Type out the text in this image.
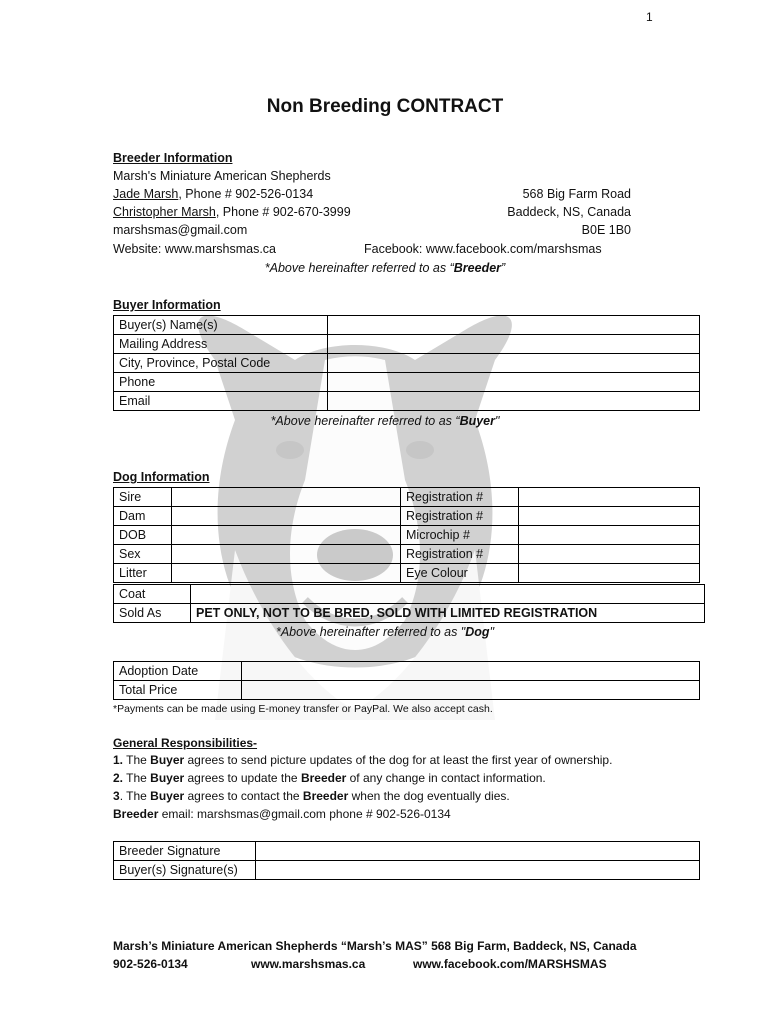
1
Non Breeding CONTRACT
Breeder Information
Marsh's Miniature American Shepherds
Jade Marsh, Phone # 902-526-0134
Christopher Marsh, Phone # 902-670-3999
marshsmas@gmail.com
Website: www.marshsmas.ca
568 Big Farm Road
Baddeck, NS, Canada
B0E 1B0
Facebook: www.facebook.com/marshsmas
*Above hereinafter referred to as “Breeder”
Buyer Information
Buyer(s) Name(s)	
Mailing Address	
City, Province, Postal Code	
Phone	
Email	
*Above hereinafter referred to as “Buyer"
Dog Information
Sire		Registration #	
Dam		Registration #	
DOB		Microchip #	
Sex		Registration #	
Litter		Eye Colour	
Coat	
Sold As	PET ONLY, NOT TO BE BRED, SOLD WITH LIMITED REGISTRATION
*Above hereinafter referred to as "Dog"
Adoption Date	
Total Price	
*Payments can be made using E-money transfer or PayPal. We also accept cash.
General Responsibilities-
1. The Buyer agrees to send picture updates of the dog for at least the first year of ownership.
2. The Buyer agrees to update the Breeder of any change in contact information.
3. The Buyer agrees to contact the Breeder when the dog eventually dies.
Breeder email: marshsmas@gmail.com phone # 902-526-0134
Breeder Signature	
Buyer(s) Signature(s)	
Marsh’s Miniature American Shepherds “Marsh’s MAS” 568 Big Farm, Baddeck, NS, Canada
902-526-0134	www.marshsmas.ca	www.facebook.com/MARSHSMAS
